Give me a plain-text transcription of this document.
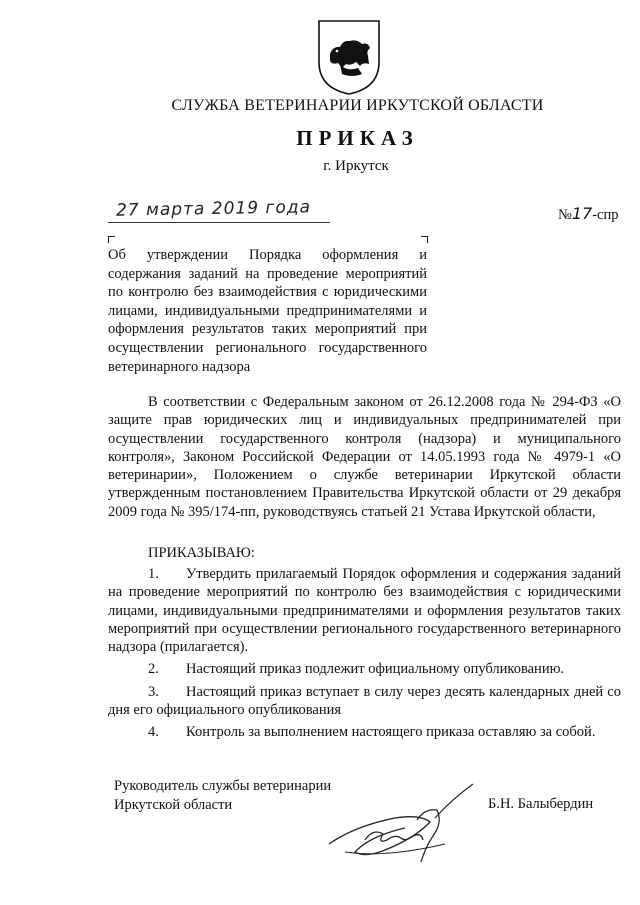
СЛУЖБА ВЕТЕРИНАРИИ ИРКУТСКОЙ ОБЛАСТИ
ПРИКАЗ
г. Иркутск
27 марта 2019 года	№17-спр
Об утверждении Порядка оформления и содержания заданий на проведение мероприятий по контролю без взаимодействия с юридическими лицами, индивидуальными предпринимателями и оформления результатов таких мероприятий при осуществлении регионального государственного ветеринарного надзора
В соответствии с Федеральным законом от 26.12.2008 года № 294-ФЗ «О защите прав юридических лиц и индивидуальных предпринимателей при осуществлении государственного контроля (надзора) и муниципального контроля», Законом Российской Федерации от 14.05.1993 года № 4979-1 «О ветеринарии», Положением о службе ветеринарии Иркутской области утвержденным постановлением Правительства Иркутской области от 29 декабря 2009 года № 395/174-пп, руководствуясь статьей 21 Устава Иркутской области,
ПРИКАЗЫВАЮ:

1. Утвердить прилагаемый Порядок оформления и содержания заданий на проведение мероприятий по контролю без взаимодействия с юридическими лицами, индивидуальными предпринимателями и оформления результатов таких мероприятий при осуществлении регионального государственного ветеринарного надзора (прилагается).

2. Настоящий приказ подлежит официальному опубликованию.

3. Настоящий приказ вступает в силу через десять календарных дней со дня его официального опубликования

4. Контроль за выполнением настоящего приказа оставляю за собой.

Руководитель службы ветеринарии
Иркутской области	Б.Н. Балыбердин
